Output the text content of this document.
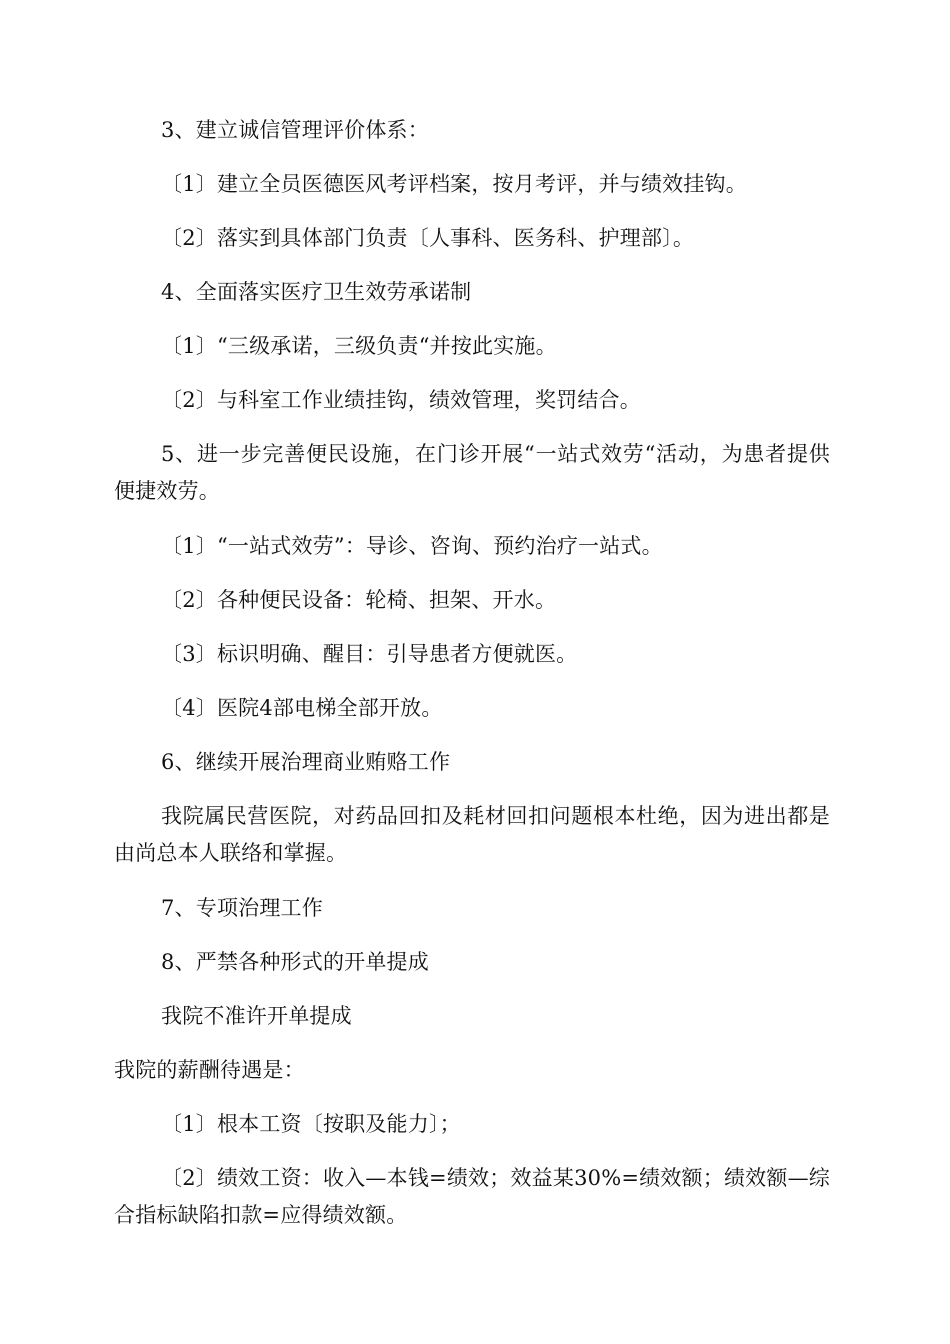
3、建立诚信管理评价体系：
〔1〕建立全员医德医风考评档案，按月考评，并与绩效挂钩。
〔2〕落实到具体部门负责〔人事科、医务科、护理部〕。
4、全面落实医疗卫生效劳承诺制
〔1〕“三级承诺，三级负责“并按此实施。
〔2〕与科室工作业绩挂钩，绩效管理，奖罚结合。
5、进一步完善便民设施，在门诊开展“一站式效劳“活动，为患者提供便捷效劳。
〔1〕“一站式效劳”：导诊、咨询、预约治疗一站式。
〔2〕各种便民设备：轮椅、担架、开水。
〔3〕标识明确、醒目：引导患者方便就医。
〔4〕医院4部电梯全部开放。
6、继续开展治理商业贿赂工作
我院属民营医院，对药品回扣及耗材回扣问题根本杜绝，因为进出都是由尚总本人联络和掌握。
7、专项治理工作
8、严禁各种形式的开单提成
我院不准许开单提成
我院的薪酬待遇是：
〔1〕根本工资〔按职及能力〕；
〔2〕绩效工资：收入—本钱=绩效；效益某30%=绩效额；绩效额—综合指标缺陷扣款=应得绩效额。
